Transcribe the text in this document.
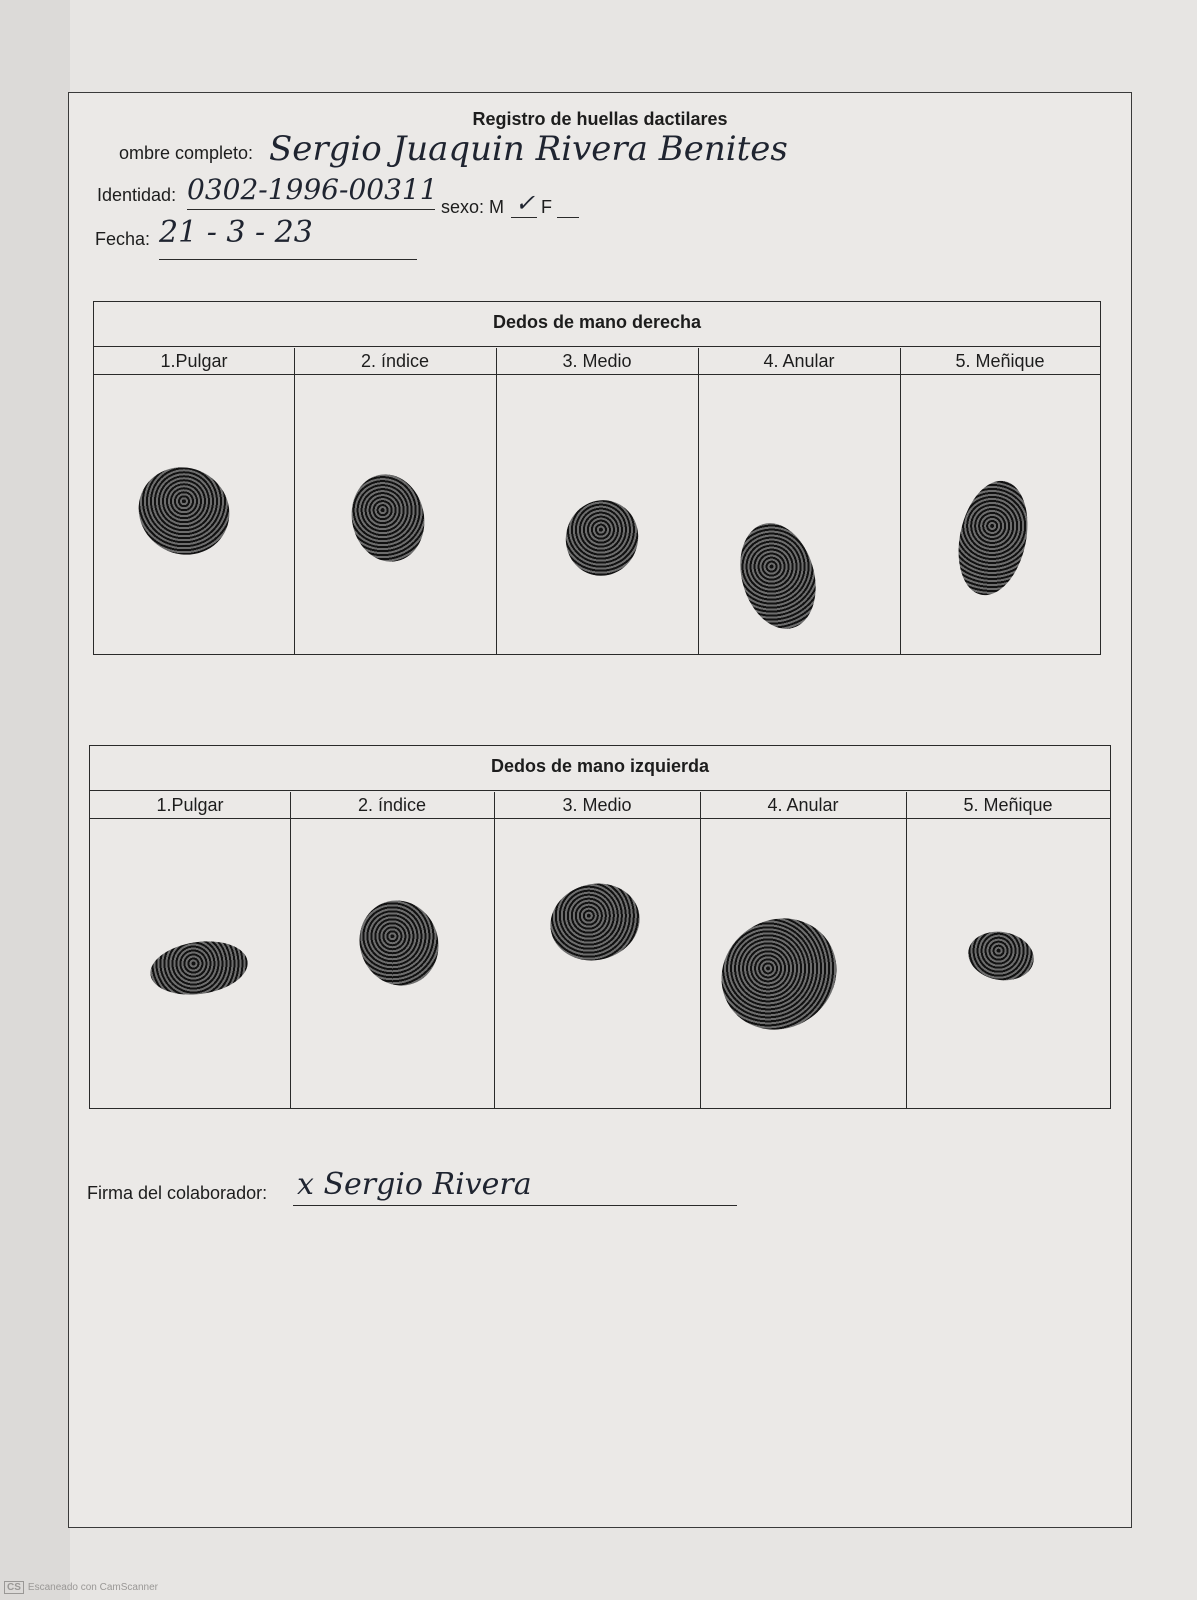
Registro de huellas dactilares
ombre completo: Sergio Juaquin Rivera Benites
Identidad: 0302-1996-00311
sexo: M ✓ F
Fecha: 21 - 3 - 23
Dedos de mano derecha
1.Pulgar	2. índice	3. Medio	4. Anular	5. Meñique
Dedos de mano izquierda
1.Pulgar	2. índice	3. Medio	4. Anular	5. Meñique
Firma del colaborador: x Sergio Rivera
CS Escaneado con CamScanner
